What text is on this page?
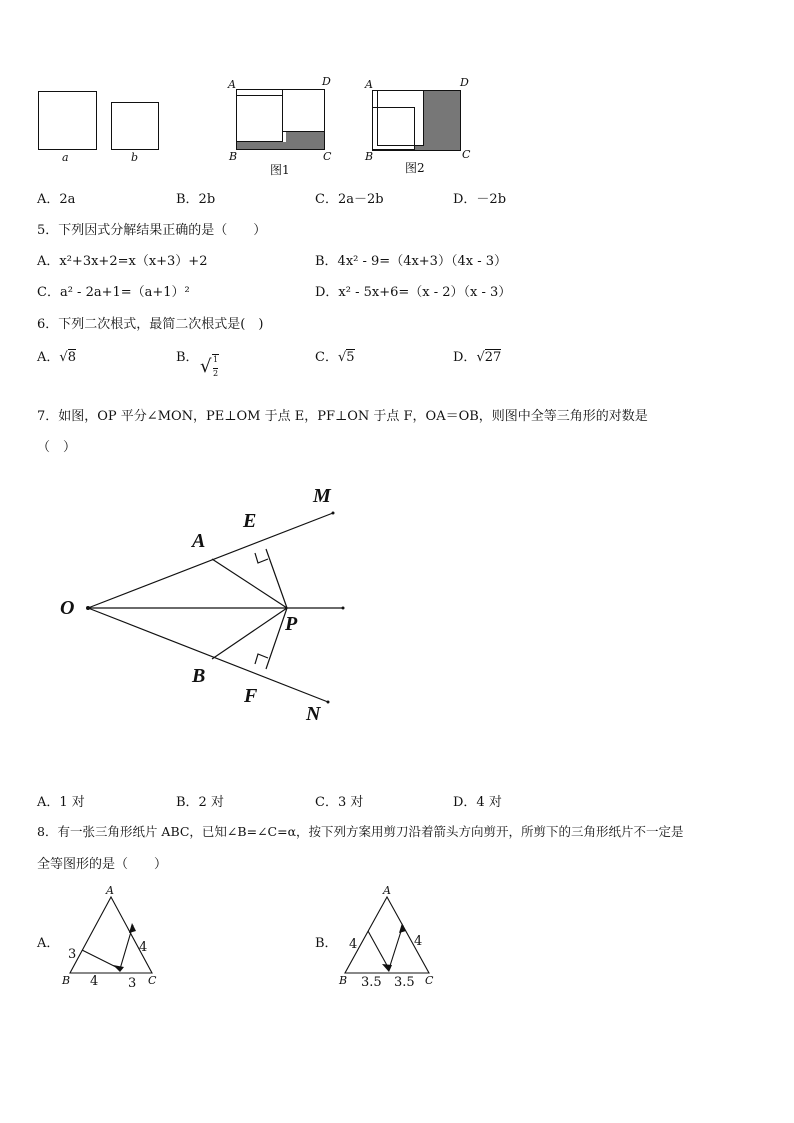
a	b
A	D
B	C
图1
A	D
B	C
图2
A．2a	B．2b	C．2a－2b	D．－2b
5．下列因式分解结果正确的是（　　）
A．x²+3x+2=x（x+3）+2	B．4x² - 9=（4x+3）（4x - 3）
C．a² - 2a+1=（a+1）²	D．x² - 5x+6=（x - 2）（x - 3）
6．下列二次根式，最简二次根式是(　)
A．√8	B． √ 1
2
C．√5	D．√27
7．如图，OP 平分∠MON，PE⊥OM 于点 E，PF⊥ON 于点 F，OA＝OB，则图中全等三角形的对数是
（　）
O
A
E
M
P
B
F
N
A．1 对	B．2 对	C．3 对	D．4 对
8．有一张三角形纸片 ABC，已知∠B=∠C=α，按下列方案用剪刀沿着箭头方向剪开，所剪下的三角形纸片不一定是
全等图形的是（　　）
A．
A
B	C
3	4
4 3
B．
A
B	C
4	4
3.5 3.5
